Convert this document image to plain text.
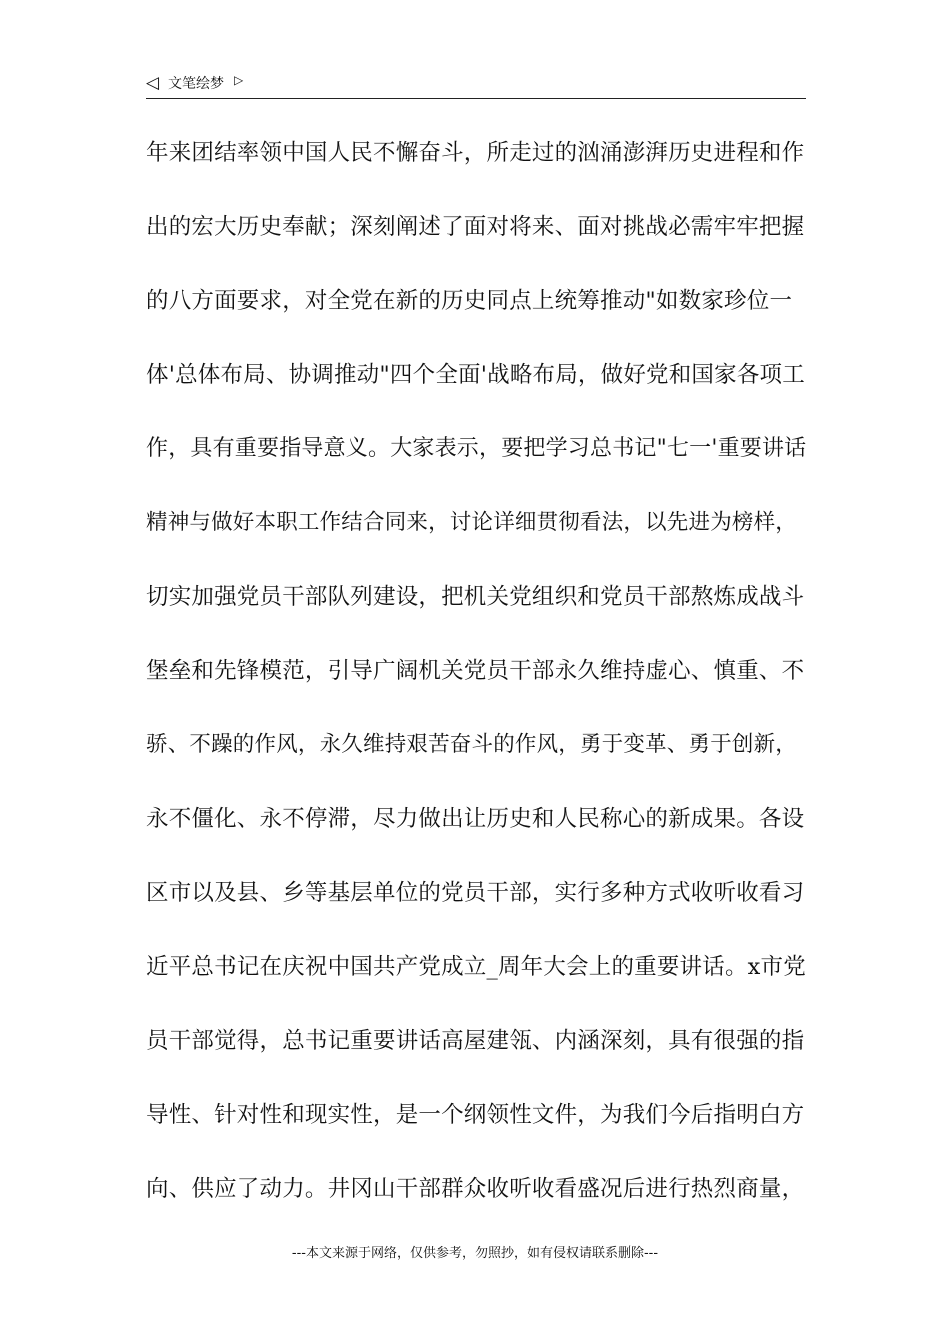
◁ 文笔绘梦 ▷
年来团结率领中国人民不懈奋斗，所走过的汹涌澎湃历史进程和作
出的宏大历史奉献；深刻阐述了面对将来、面对挑战必需牢牢把握
的八方面要求，对全党在新的历史同点上统筹推动"如数家珍位一
体'总体布局、协调推动"四个全面'战略布局，做好党和国家各项工
作，具有重要指导意义。大家表示，要把学习总书记"七一'重要讲话
精神与做好本职工作结合同来，讨论详细贯彻看法，以先进为榜样，
切实加强党员干部队列建设，把机关党组织和党员干部熬炼成战斗
堡垒和先锋模范，引导广阔机关党员干部永久维持虚心、慎重、不
骄、不躁的作风，永久维持艰苦奋斗的作风，勇于变革、勇于创新，
永不僵化、永不停滞，尽力做出让历史和人民称心的新成果。各设
区市以及县、乡等基层单位的党员干部，实行多种方式收听收看习
近平总书记在庆祝中国共产党成立_周年大会上的重要讲话。x市党
员干部觉得，总书记重要讲话高屋建瓴、内涵深刻，具有很强的指
导性、针对性和现实性，是一个纲领性文件，为我们今后指明白方
向、供应了动力。井冈山干部群众收听收看盛况后进行热烈商量，
---本文来源于网络，仅供参考，勿照抄，如有侵权请联系删除---
